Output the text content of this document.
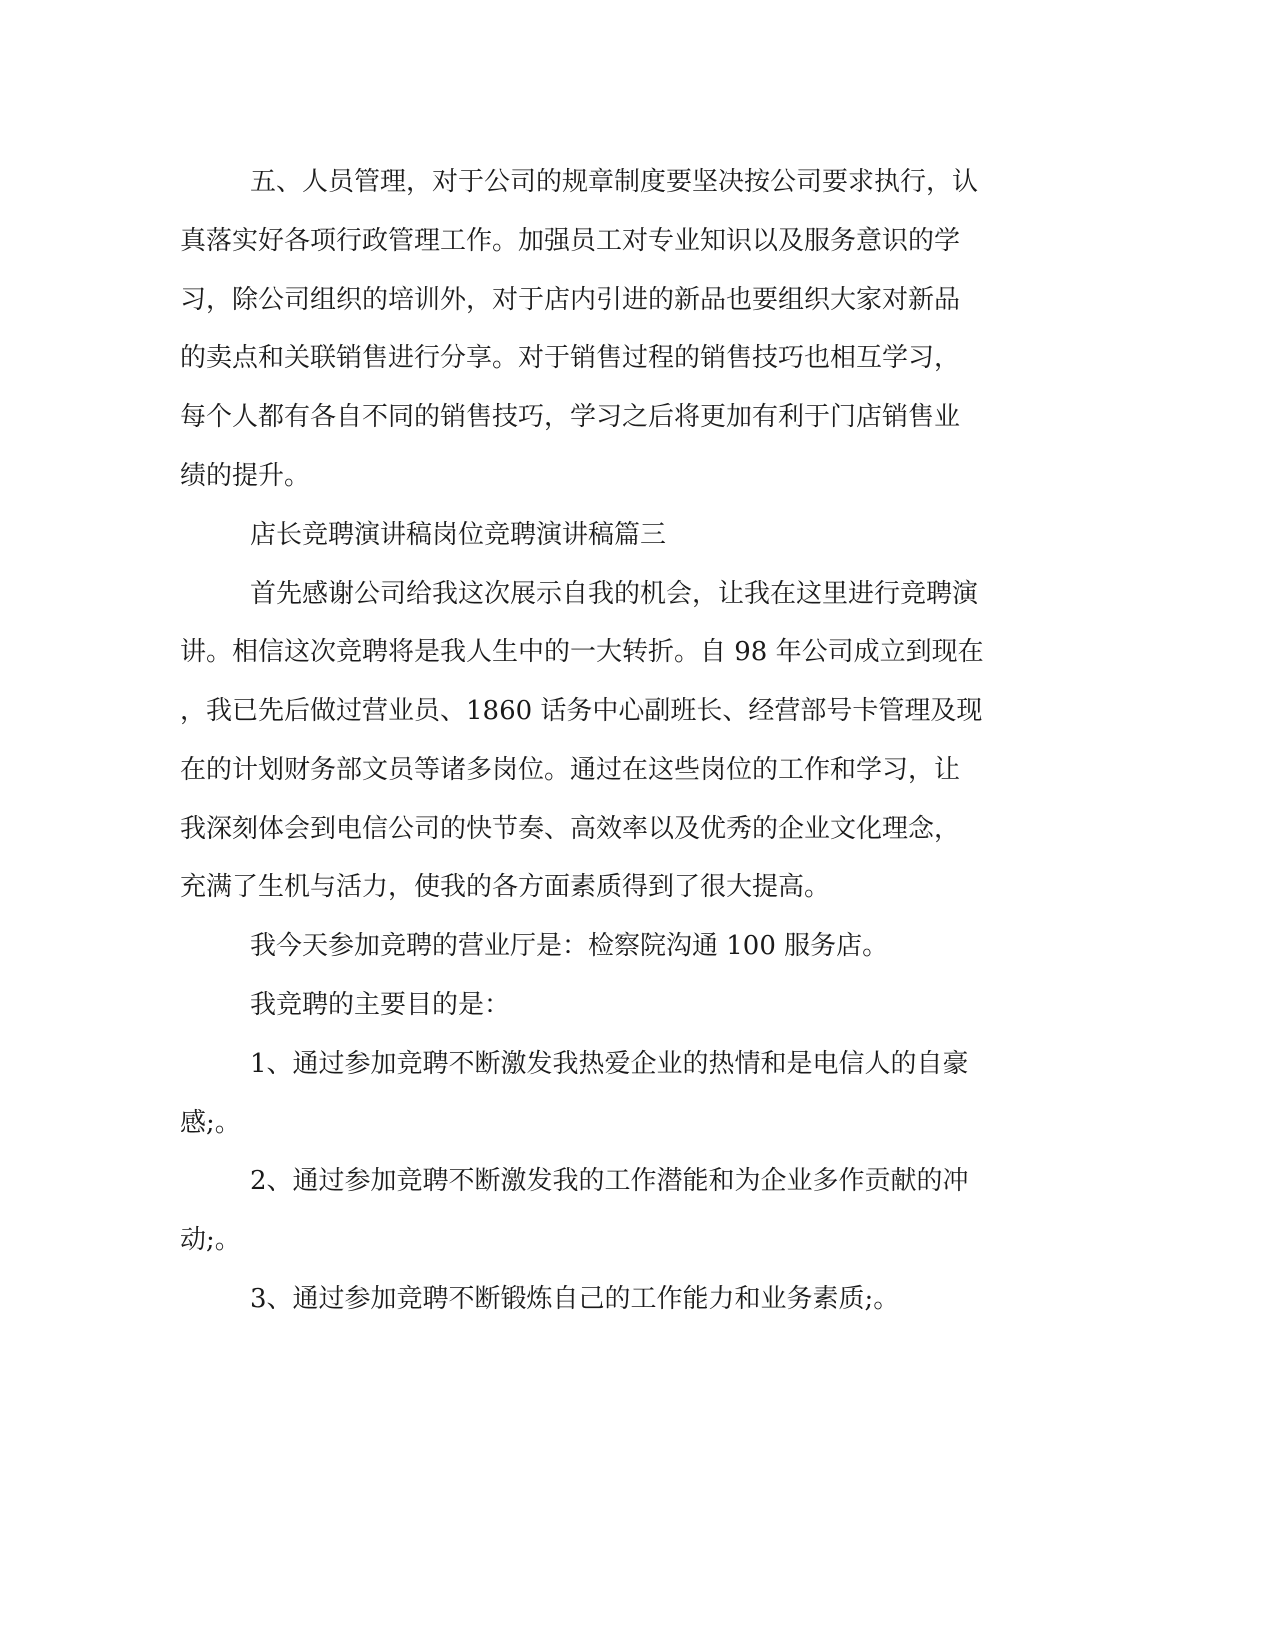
五、人员管理，对于公司的规章制度要坚决按公司要求执行，认
真落实好各项行政管理工作。加强员工对专业知识以及服务意识的学
习，除公司组织的培训外，对于店内引进的新品也要组织大家对新品
的卖点和关联销售进行分享。对于销售过程的销售技巧也相互学习，
每个人都有各自不同的销售技巧，学习之后将更加有利于门店销售业
绩的提升。
店长竞聘演讲稿岗位竞聘演讲稿篇三
首先感谢公司给我这次展示自我的机会，让我在这里进行竞聘演
讲。相信这次竞聘将是我人生中的一大转折。自 98 年公司成立到现在
，我已先后做过营业员、1860 话务中心副班长、经营部号卡管理及现
在的计划财务部文员等诸多岗位。通过在这些岗位的工作和学习，让
我深刻体会到电信公司的快节奏、高效率以及优秀的企业文化理念，
充满了生机与活力，使我的各方面素质得到了很大提高。
我今天参加竞聘的营业厅是：检察院沟通 100 服务店。
我竞聘的主要目的是：
1、通过参加竞聘不断激发我热爱企业的热情和是电信人的自豪
感;。
2、通过参加竞聘不断激发我的工作潜能和为企业多作贡献的冲
动;。
3、通过参加竞聘不断锻炼自己的工作能力和业务素质;。
